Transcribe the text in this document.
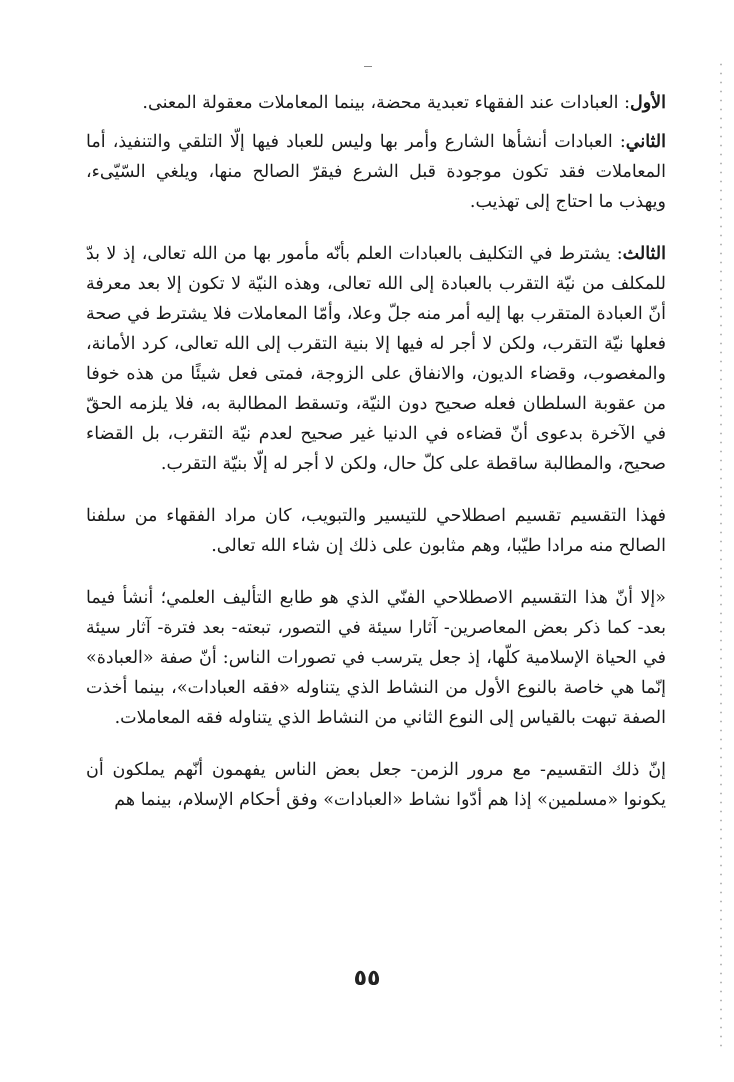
الأول: العبادات عند الفقهاء تعبدية محضة، بينما المعاملات معقولة المعنى.

الثاني: العبادات أنشأها الشارع وأمر بها وليس للعباد فيها إلّا التلقي والتنفيذ، أما المعاملات فقد تكون موجودة قبل الشرع فيقرّ الصالح منها، ويلغي السّيّىء، ويهذب ما احتاج إلى تهذيب.

الثالث: يشترط في التكليف بالعبادات العلم بأنّه مأمور بها من الله تعالى، إذ لا بدّ للمكلف من نيّة التقرب بالعبادة إلى الله تعالى، وهذه النيّة لا تكون إلا بعد معرفة أنّ العبادة المتقرب بها إليه أمر منه جلّ وعلا، وأمّا المعاملات فلا يشترط في صحة فعلها نيّة التقرب، ولكن لا أجر له فيها إلا بنية التقرب إلى الله تعالى، كرد الأمانة، والمغصوب، وقضاء الديون، والانفاق على الزوجة، فمتى فعل شيئًا من هذه خوفا من عقوبة السلطان فعله صحيح دون النيّة، وتسقط المطالبة به، فلا يلزمه الحقّ في الآخرة بدعوى أنّ قضاءه في الدنيا غير صحيح لعدم نيّة التقرب، بل القضاء صحيح، والمطالبة ساقطة على كلّ حال، ولكن لا أجر له إلّا بنيّة التقرب.

فهذا التقسيم تقسيم اصطلاحي للتيسير والتبويب، كان مراد الفقهاء من سلفنا الصالح منه مرادا طيّبا، وهم مثابون على ذلك إن شاء الله تعالى.

«إلا أنّ هذا التقسيم الاصطلاحي الفنّي الذي هو طابع التأليف العلمي؛ أنشأ فيما بعد- كما ذكر بعض المعاصرين- آثارا سيئة في التصور، تبعته- بعد فترة- آثار سيئة في الحياة الإسلامية كلّها، إذ جعل يترسب في تصورات الناس: أنّ صفة «العبادة» إنّما هي خاصة بالنوع الأول من النشاط الذي يتناوله «فقه العبادات»، بينما أخذت الصفة تبهت بالقياس إلى النوع الثاني من النشاط الذي يتناوله فقه المعاملات.

إنّ ذلك التقسيم- مع مرور الزمن- جعل بعض الناس يفهمون أنّهم يملكون أن يكونوا «مسلمين» إذا هم أدّوا نشاط «العبادات» وفق أحكام الإسلام، بينما هم

٥٥
